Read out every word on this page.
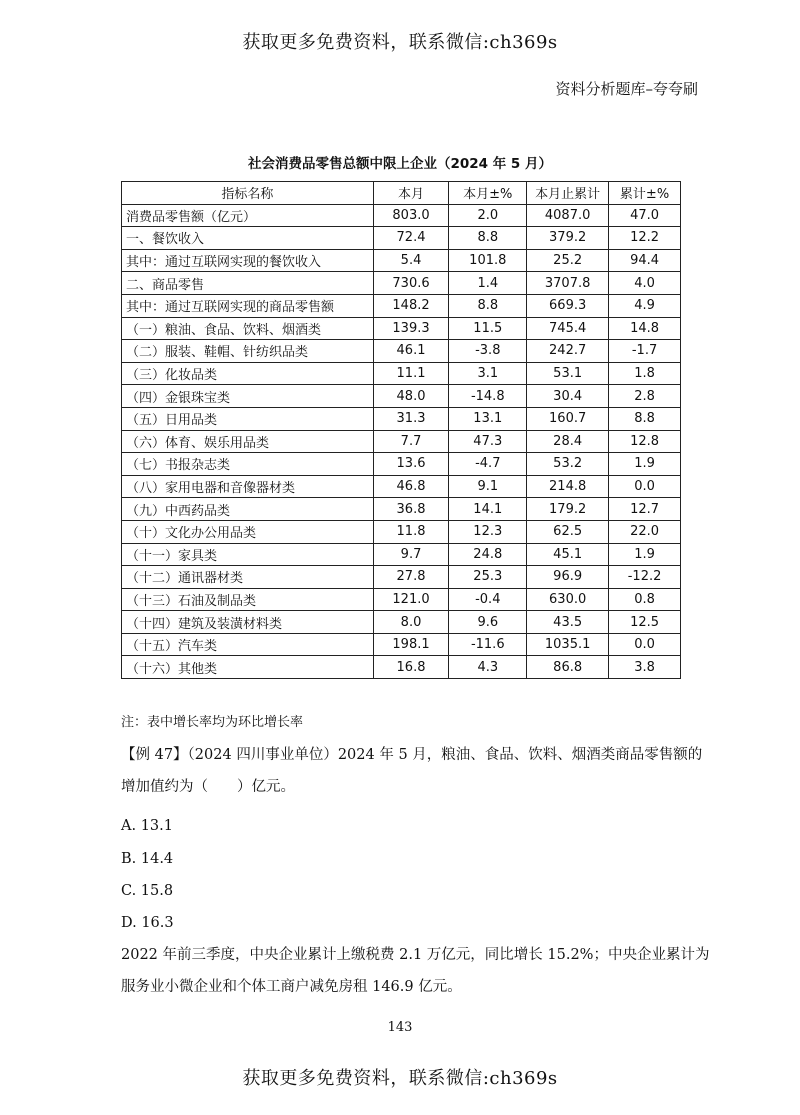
获取更多免费资料，联系微信:ch369s
资料分析题库–夸夸刷
社会消费品零售总额中限上企业（2024 年 5 月）
指标名称	本月	本月±%	本月止累计	累计±%
消费品零售额（亿元）	803.0	2.0	4087.0	47.0
一、餐饮收入	72.4	8.8	379.2	12.2
其中：通过互联网实现的餐饮收入	5.4	101.8	25.2	94.4
二、商品零售	730.6	1.4	3707.8	4.0
其中：通过互联网实现的商品零售额	148.2	8.8	669.3	4.9
（一）粮油、食品、饮料、烟酒类	139.3	11.5	745.4	14.8
（二）服装、鞋帽、针纺织品类	46.1	-3.8	242.7	-1.7
（三）化妆品类	11.1	3.1	53.1	1.8
（四）金银珠宝类	48.0	-14.8	30.4	2.8
（五）日用品类	31.3	13.1	160.7	8.8
（六）体育、娱乐用品类	7.7	47.3	28.4	12.8
（七）书报杂志类	13.6	-4.7	53.2	1.9
（八）家用电器和音像器材类	46.8	9.1	214.8	0.0
（九）中西药品类	36.8	14.1	179.2	12.7
（十）文化办公用品类	11.8	12.3	62.5	22.0
（十一）家具类	9.7	24.8	45.1	1.9
（十二）通讯器材类	27.8	25.3	96.9	-12.2
（十三）石油及制品类	121.0	-0.4	630.0	0.8
（十四）建筑及装潢材料类	8.0	9.6	43.5	12.5
（十五）汽车类	198.1	-11.6	1035.1	0.0
（十六）其他类	16.8	4.3	86.8	3.8
注：表中增长率均为环比增长率
【例 47】（2024 四川事业单位）2024 年 5 月，粮油、食品、饮料、烟酒类商品零售额的
增加值约为（　　）亿元。
A. 13.1
B. 14.4
C. 15.8
D. 16.3
2022 年前三季度，中央企业累计上缴税费 2.1 万亿元，同比增长 15.2%；中央企业累计为
服务业小微企业和个体工商户减免房租 146.9 亿元。
143
获取更多免费资料，联系微信:ch369s
